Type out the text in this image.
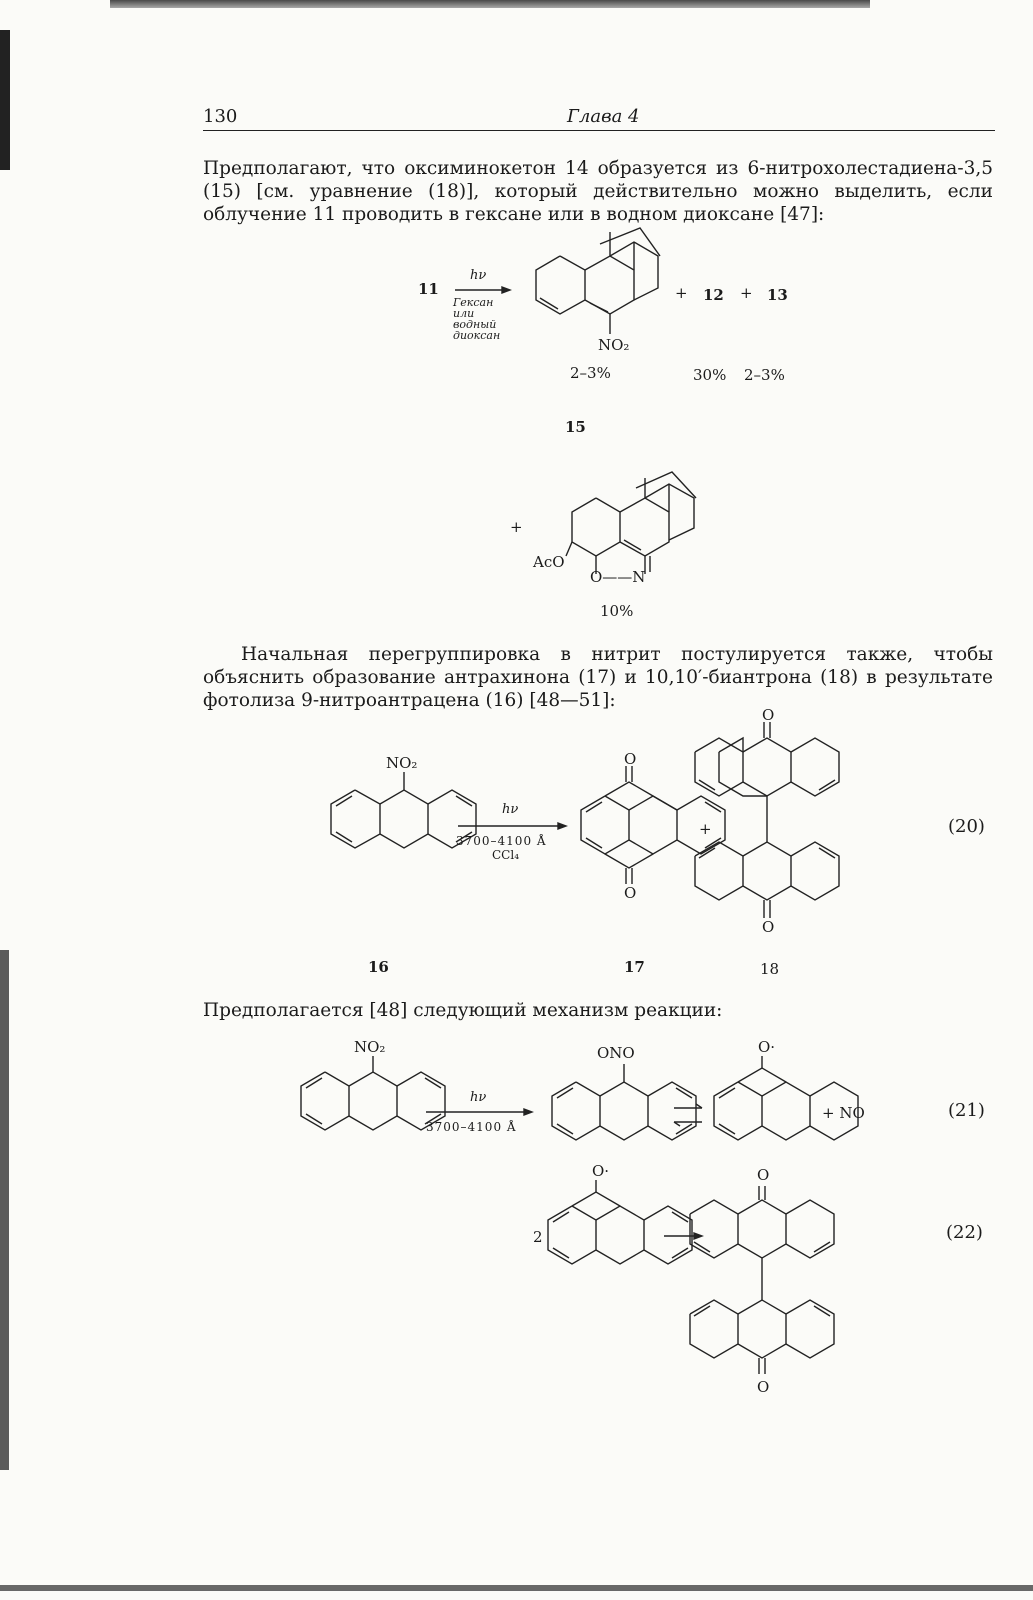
130	Глава 4
Предполагают, что оксиминокетон 14 образуется из 6-нитрохолестадиена-3,5
(15) [см. уравнение (18)], который действительно можно выделить, если
облучение 11 проводить в гексане или в водном диоксане [47]:
11
hν
Гексан
или
водный
диоксан
NO₂
+ 12 + 13
2–3%	30% 2–3%
15
+
AcO
O——N
10%
Начальная перегруппировка в нитрит постулируется также, чтобы
объяснить образование антрахинона (17) и 10,10′-биантрона (18) в результате
фотолиза 9-нитроантрацена (16) [48—51]:
NO₂
hν
3700–4100 Å
CCl₄
O
O
+
O
O
(20)
16	17	18
Предполагается [48] следующий механизм реакции:
NO₂
hν
3700–4100 Å
ONO	O·
+ NO	(21)
2
O·	O
O
(22)
